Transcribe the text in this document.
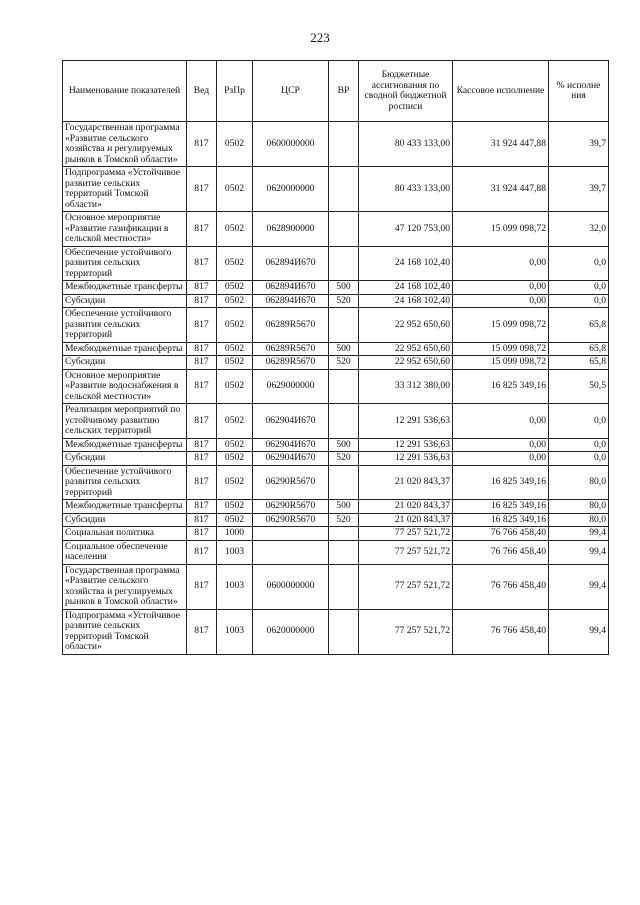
223
Наименование показателей	Вед	РзПр	ЦСР	ВР	Бюджетные ассигнования по сводной бюджетной росписи	Кассовое исполнение	% исполне ния
Государственная программа «Развитие сельского хозяйства и регулируемых рынков в Томской области»	817	0502	0600000000		80 433 133,00	31 924 447,88	39,7
Подпрограмма «Устойчивое развитие сельских территорий Томской области»	817	0502	0620000000		80 433 133,00	31 924 447,88	39,7
Основное мероприятие «Развитие газификации в сельской местности»	817	0502	0628900000		47 120 753,00	15 099 098,72	32,0
Обеспечение устойчивого развития сельских территорий	817	0502	062894И670		24 168 102,40	0,00	0,0
Межбюджетные трансферты	817	0502	062894И670	500	24 168 102,40	0,00	0,0
Субсидии	817	0502	062894И670	520	24 168 102,40	0,00	0,0
Обеспечение устойчивого развития сельских территорий	817	0502	06289R5670		22 952 650,60	15 099 098,72	65,8
Межбюджетные трансферты	817	0502	06289R5670	500	22 952 650,60	15 099 098,72	65,8
Субсидии	817	0502	06289R5670	520	22 952 650,60	15 099 098,72	65,8
Основное мероприятие «Развитие водоснабжения в сельской местности»	817	0502	0629000000		33 312 380,00	16 825 349,16	50,5
Реализация мероприятий по устойчивому развитию сельских территорий	817	0502	062904И670		12 291 536,63	0,00	0,0
Межбюджетные трансферты	817	0502	062904И670	500	12 291 536,63	0,00	0,0
Субсидии	817	0502	062904И670	520	12 291 536,63	0,00	0,0
Обеспечение устойчивого развития сельских территорий	817	0502	06290R5670		21 020 843,37	16 825 349,16	80,0
Межбюджетные трансферты	817	0502	06290R5670	500	21 020 843,37	16 825 349,16	80,0
Субсидии	817	0502	06290R5670	520	21 020 843,37	16 825 349,16	80,0
Социальная политика	817	1000			77 257 521,72	76 766 458,40	99,4
Социальное обеспечение населения	817	1003			77 257 521,72	76 766 458,40	99,4
Государственная программа «Развитие сельского хозяйства и регулируемых рынков в Томской области»	817	1003	0600000000		77 257 521,72	76 766 458,40	99,4
Подпрограмма «Устойчивое развитие сельских территорий Томской области»	817	1003	0620000000		77 257 521,72	76 766 458,40	99,4
